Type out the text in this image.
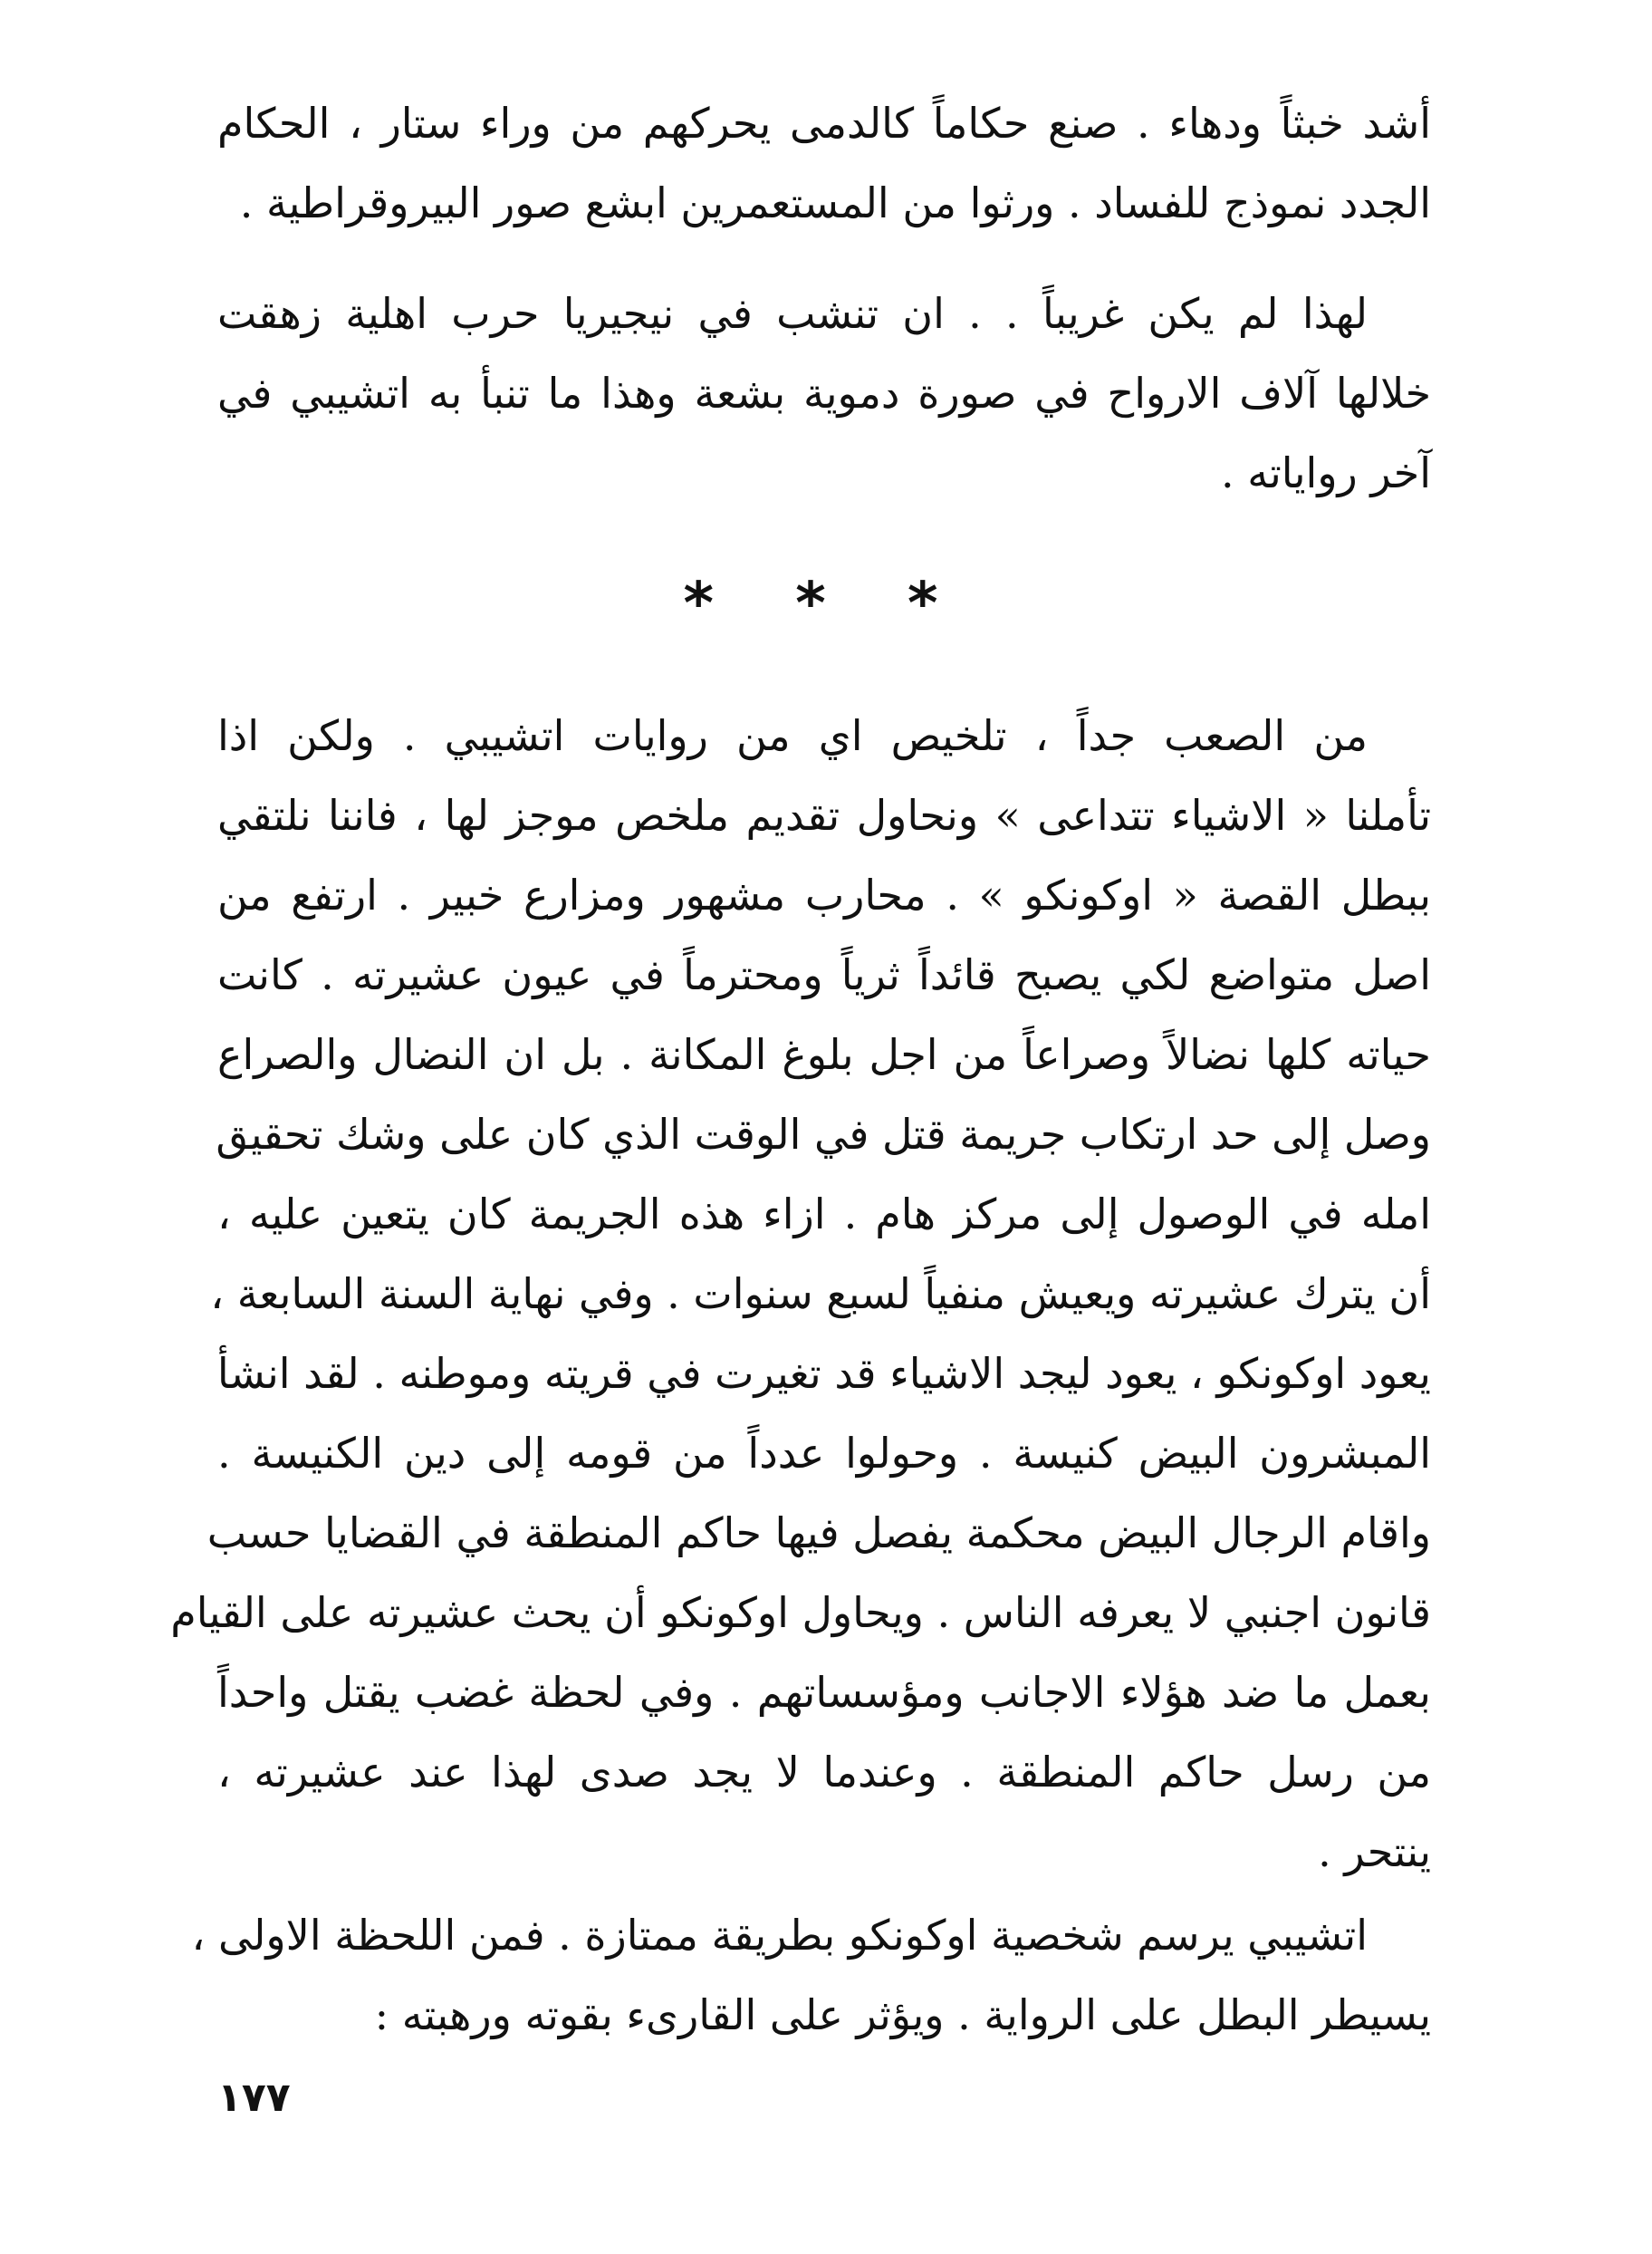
أشد خبثاً ودهاء . صنع حكاماً كالدمى يحركهم من وراء ستار ، الحكام
الجدد نموذج للفساد . ورثوا من المستعمرين ابشع صور البيروقراطية .
لهذا لم يكن غريباً . . ان تنشب في نيجيريا حرب اهلية زهقت
خلالها آلاف الارواح في صورة دموية بشعة وهذا ما تنبأ به اتشيبي في
آخر رواياته .
* * *
من الصعب جداً ، تلخيص اي من روايات اتشيبي . ولكن اذا
تأملنا « الاشياء تتداعى » ونحاول تقديم ملخص موجز لها ، فاننا نلتقي
ببطل القصة « اوكونكو » . محارب مشهور ومزارع خبير . ارتفع من
اصل متواضع لكي يصبح قائداً ثرياً ومحترماً في عيون عشيرته . كانت
حياته كلها نضالاً وصراعاً من اجل بلوغ المكانة . بل ان النضال والصراع
وصل إلى حد ارتكاب جريمة قتل في الوقت الذي كان على وشك تحقيق
امله في الوصول إلى مركز هام . ازاء هذه الجريمة كان يتعين عليه ،
أن يترك عشيرته ويعيش منفياً لسبع سنوات . وفي نهاية السنة السابعة ،
يعود اوكونكو ، يعود ليجد الاشياء قد تغيرت في قريته وموطنه . لقد انشأ
المبشرون البيض كنيسة . وحولوا عدداً من قومه إلى دين الكنيسة .
واقام الرجال البيض محكمة يفصل فيها حاكم المنطقة في القضايا حسب
قانون اجنبي لا يعرفه الناس . ويحاول اوكونكو أن يحث عشيرته على القيام
بعمل ما ضد هؤلاء الاجانب ومؤسساتهم . وفي لحظة غضب يقتل واحداً
من رسل حاكم المنطقة . وعندما لا يجد صدى لهذا عند عشيرته ،
ينتحر .
اتشيبي يرسم شخصية اوكونكو بطريقة ممتازة . فمن اللحظة الاولى ،
يسيطر البطل على الرواية . ويؤثر على القارىء بقوته ورهبته :
١٧٧
